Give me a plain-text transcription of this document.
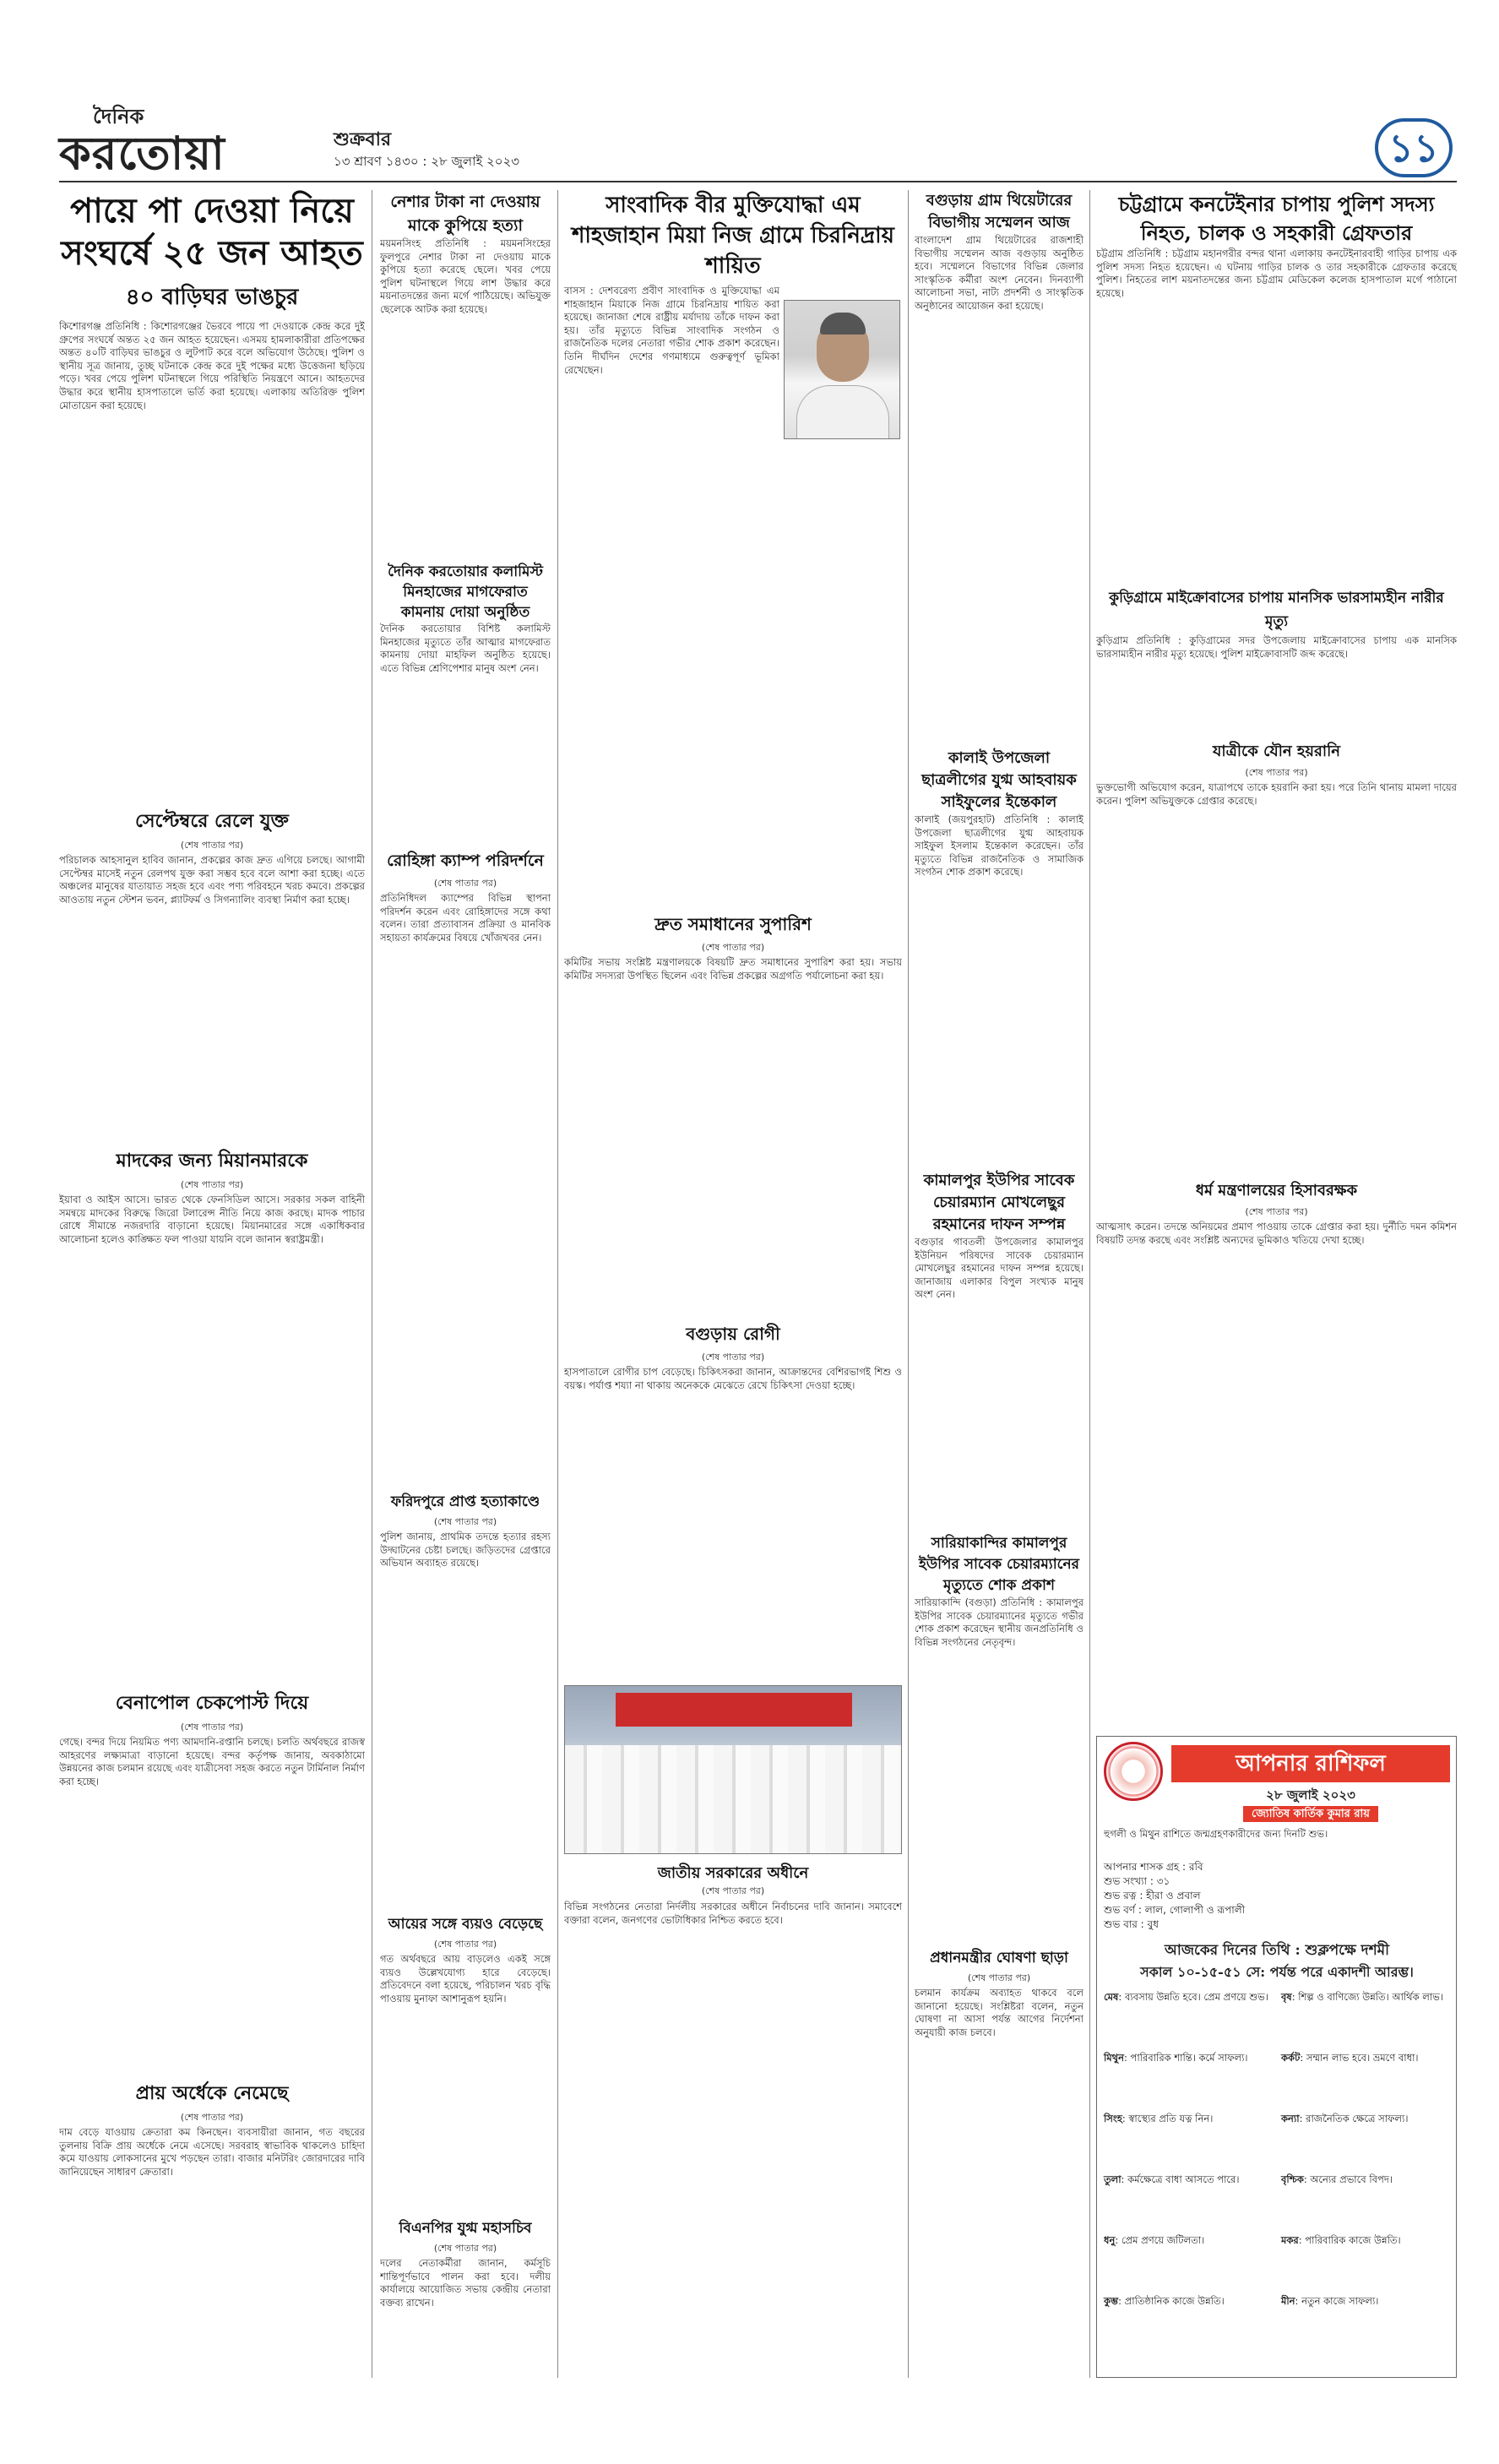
দৈনিক
করতোয়া	শুক্রবার
১৩ শ্রাবণ ১৪৩০ : ২৮ জুলাই ২০২৩	১১
পায়ে পা দেওয়া নিয়ে সংঘর্ষে ২৫ জন আহত
৪০ বাড়িঘর ভাঙচুর
কিশোরগঞ্জ প্রতিনিধি : কিশোরগঞ্জের ভৈরবে পায়ে পা দেওয়াকে কেন্দ্র করে দুই গ্রুপের সংঘর্ষে অন্তত ২৫ জন আহত হয়েছেন। এসময় হামলাকারীরা প্রতিপক্ষের অন্তত ৪০টি বাড়িঘর ভাঙচুর ও লুটপাট করে বলে অভিযোগ উঠেছে। পুলিশ ও স্থানীয় সূত্র জানায়, তুচ্ছ ঘটনাকে কেন্দ্র করে দুই পক্ষের মধ্যে উত্তেজনা ছড়িয়ে পড়ে। খবর পেয়ে পুলিশ ঘটনাস্থলে গিয়ে পরিস্থিতি নিয়ন্ত্রণে আনে। আহতদের উদ্ধার করে স্থানীয় হাসপাতালে ভর্তি করা হয়েছে। এলাকায় অতিরিক্ত পুলিশ মোতায়েন করা হয়েছে।
সেপ্টেম্বরে রেলে যুক্ত
(শেষ পাতার পর)
পরিচালক আহসানুল হাবিব জানান, প্রকল্পের কাজ দ্রুত এগিয়ে চলছে। আগামী সেপ্টেম্বর মাসেই নতুন রেলপথ যুক্ত করা সম্ভব হবে বলে আশা করা হচ্ছে। এতে অঞ্চলের মানুষের যাতায়াত সহজ হবে এবং পণ্য পরিবহনে খরচ কমবে। প্রকল্পের আওতায় নতুন স্টেশন ভবন, প্ল্যাটফর্ম ও সিগন্যালিং ব্যবস্থা নির্মাণ করা হচ্ছে।
মাদকের জন্য মিয়ানমারকে
(শেষ পাতার পর)
ইয়াবা ও আইস আসে। ভারত থেকে ফেনসিডিল আসে। সরকার সকল বাহিনী সমন্বয়ে মাদকের বিরুদ্ধে জিরো টলারেন্স নীতি নিয়ে কাজ করছে। মাদক পাচার রোধে সীমান্তে নজরদারি বাড়ানো হয়েছে। মিয়ানমারের সঙ্গে একাধিকবার আলোচনা হলেও কাঙ্ক্ষিত ফল পাওয়া যায়নি বলে জানান স্বরাষ্ট্রমন্ত্রী।
বেনাপোল চেকপোস্ট দিয়ে
(শেষ পাতার পর)
গেছে। বন্দর দিয়ে নিয়মিত পণ্য আমদানি-রপ্তানি চলছে। চলতি অর্থবছরে রাজস্ব আহরণের লক্ষ্যমাত্রা বাড়ানো হয়েছে। বন্দর কর্তৃপক্ষ জানায়, অবকাঠামো উন্নয়নের কাজ চলমান রয়েছে এবং যাত্রীসেবা সহজ করতে নতুন টার্মিনাল নির্মাণ করা হচ্ছে।
প্রায় অর্ধেকে নেমেছে
(শেষ পাতার পর)
দাম বেড়ে যাওয়ায় ক্রেতারা কম কিনছেন। ব্যবসায়ীরা জানান, গত বছরের তুলনায় বিক্রি প্রায় অর্ধেকে নেমে এসেছে। সরবরাহ স্বাভাবিক থাকলেও চাহিদা কমে যাওয়ায় লোকসানের মুখে পড়ছেন তারা। বাজার মনিটরিং জোরদারের দাবি জানিয়েছেন সাধারণ ক্রেতারা।
নেশার টাকা না দেওয়ায় মাকে কুপিয়ে হত্যা
ময়মনসিংহ প্রতিনিধি : ময়মনসিংহের ফুলপুরে নেশার টাকা না দেওয়ায় মাকে কুপিয়ে হত্যা করেছে ছেলে। খবর পেয়ে পুলিশ ঘটনাস্থলে গিয়ে লাশ উদ্ধার করে ময়নাতদন্তের জন্য মর্গে পাঠিয়েছে। অভিযুক্ত ছেলেকে আটক করা হয়েছে।
দৈনিক করতোয়ার কলামিস্ট মিনহাজের মাগফেরাত কামনায় দোয়া অনুষ্ঠিত
দৈনিক করতোয়ার বিশিষ্ট কলামিস্ট মিনহাজের মৃত্যুতে তাঁর আত্মার মাগফেরাত কামনায় দোয়া মাহফিল অনুষ্ঠিত হয়েছে। এতে বিভিন্ন শ্রেণিপেশার মানুষ অংশ নেন।
রোহিঙ্গা ক্যাম্প পরিদর্শনে
(শেষ পাতার পর)
প্রতিনিধিদল ক্যাম্পের বিভিন্ন স্থাপনা পরিদর্শন করেন এবং রোহিঙ্গাদের সঙ্গে কথা বলেন। তারা প্রত্যাবাসন প্রক্রিয়া ও মানবিক সহায়তা কার্যক্রমের বিষয়ে খোঁজখবর নেন।
ফরিদপুরে প্রাপ্ত হত্যাকাণ্ডে
(শেষ পাতার পর)
পুলিশ জানায়, প্রাথমিক তদন্তে হত্যার রহস্য উদ্ঘাটনের চেষ্টা চলছে। জড়িতদের গ্রেপ্তারে অভিযান অব্যাহত রয়েছে।
আয়ের সঙ্গে ব্যয়ও বেড়েছে
(শেষ পাতার পর)
গত অর্থবছরে আয় বাড়লেও একই সঙ্গে ব্যয়ও উল্লেখযোগ্য হারে বেড়েছে। প্রতিবেদনে বলা হয়েছে, পরিচালন খরচ বৃদ্ধি পাওয়ায় মুনাফা আশানুরূপ হয়নি।
বিএনপির যুগ্ম মহাসচিব
(শেষ পাতার পর)
দলের নেতাকর্মীরা জানান, কর্মসূচি শান্তিপূর্ণভাবে পালন করা হবে। দলীয় কার্যালয়ে আয়োজিত সভায় কেন্দ্রীয় নেতারা বক্তব্য রাখেন।
সাংবাদিক বীর মুক্তিযোদ্ধা এম শাহজাহান মিয়া নিজ গ্রামে চিরনিদ্রায় শায়িত
বাসস : দেশবরেণ্য প্রবীণ সাংবাদিক ও মুক্তিযোদ্ধা এম শাহজাহান মিয়াকে নিজ গ্রামে চিরনিদ্রায় শায়িত করা হয়েছে। জানাজা শেষে রাষ্ট্রীয় মর্যাদায় তাঁকে দাফন করা হয়। তাঁর মৃত্যুতে বিভিন্ন সাংবাদিক সংগঠন ও রাজনৈতিক দলের নেতারা গভীর শোক প্রকাশ করেছেন। তিনি দীর্ঘদিন দেশের গণমাধ্যমে গুরুত্বপূর্ণ ভূমিকা রেখেছেন।
দ্রুত সমাধানের সুপারিশ
(শেষ পাতার পর)
কমিটির সভায় সংশ্লিষ্ট মন্ত্রণালয়কে বিষয়টি দ্রুত সমাধানের সুপারিশ করা হয়। সভায় কমিটির সদস্যরা উপস্থিত ছিলেন এবং বিভিন্ন প্রকল্পের অগ্রগতি পর্যালোচনা করা হয়।
বগুড়ায় রোগী
(শেষ পাতার পর)
হাসপাতালে রোগীর চাপ বেড়েছে। চিকিৎসকরা জানান, আক্রান্তদের বেশিরভাগই শিশু ও বয়স্ক। পর্যাপ্ত শয্যা না থাকায় অনেককে মেঝেতে রেখে চিকিৎসা দেওয়া হচ্ছে।
জাতীয় সরকারের অধীনে
(শেষ পাতার পর)
বিভিন্ন সংগঠনের নেতারা নির্দলীয় সরকারের অধীনে নির্বাচনের দাবি জানান। সমাবেশে বক্তারা বলেন, জনগণের ভোটাধিকার নিশ্চিত করতে হবে।
বগুড়ায় গ্রাম থিয়েটারের বিভাগীয় সম্মেলন আজ
বাংলাদেশ গ্রাম থিয়েটারের রাজশাহী বিভাগীয় সম্মেলন আজ বগুড়ায় অনুষ্ঠিত হবে। সম্মেলনে বিভাগের বিভিন্ন জেলার সাংস্কৃতিক কর্মীরা অংশ নেবেন। দিনব্যাপী আলোচনা সভা, নাট্য প্রদর্শনী ও সাংস্কৃতিক অনুষ্ঠানের আয়োজন করা হয়েছে।
কালাই উপজেলা ছাত্রলীগের যুগ্ম আহবায়ক সাইফুলের ইন্তেকাল
কালাই (জয়পুরহাট) প্রতিনিধি : কালাই উপজেলা ছাত্রলীগের যুগ্ম আহবায়ক সাইফুল ইসলাম ইন্তেকাল করেছেন। তাঁর মৃত্যুতে বিভিন্ন রাজনৈতিক ও সামাজিক সংগঠন শোক প্রকাশ করেছে।
কামালপুর ইউপির সাবেক চেয়ারম্যান মোখলেছুর রহমানের দাফন সম্পন্ন
বগুড়ার গাবতলী উপজেলার কামালপুর ইউনিয়ন পরিষদের সাবেক চেয়ারম্যান মোখলেছুর রহমানের দাফন সম্পন্ন হয়েছে। জানাজায় এলাকার বিপুল সংখ্যক মানুষ অংশ নেন।
সারিয়াকান্দির কামালপুর ইউপির সাবেক চেয়ারম্যানের মৃত্যুতে শোক প্রকাশ
সারিয়াকান্দি (বগুড়া) প্রতিনিধি : কামালপুর ইউপির সাবেক চেয়ারম্যানের মৃত্যুতে গভীর শোক প্রকাশ করেছেন স্থানীয় জনপ্রতিনিধি ও বিভিন্ন সংগঠনের নেতৃবৃন্দ।
প্রধানমন্ত্রীর ঘোষণা ছাড়া
(শেষ পাতার পর)
চলমান কার্যক্রম অব্যাহত থাকবে বলে জানানো হয়েছে। সংশ্লিষ্টরা বলেন, নতুন ঘোষণা না আসা পর্যন্ত আগের নির্দেশনা অনুযায়ী কাজ চলবে।
চট্টগ্রামে কনটেইনার চাপায় পুলিশ সদস্য নিহত, চালক ও সহকারী গ্রেফতার
চট্টগ্রাম প্রতিনিধি : চট্টগ্রাম মহানগরীর বন্দর থানা এলাকায় কনটেইনারবাহী গাড়ির চাপায় এক পুলিশ সদস্য নিহত হয়েছেন। এ ঘটনায় গাড়ির চালক ও তার সহকারীকে গ্রেফতার করেছে পুলিশ। নিহতের লাশ ময়নাতদন্তের জন্য চট্টগ্রাম মেডিকেল কলেজ হাসপাতাল মর্গে পাঠানো হয়েছে।
কুড়িগ্রামে মাইক্রোবাসের চাপায় মানসিক ভারসাম্যহীন নারীর মৃত্যু
কুড়িগ্রাম প্রতিনিধি : কুড়িগ্রামের সদর উপজেলায় মাইক্রোবাসের চাপায় এক মানসিক ভারসাম্যহীন নারীর মৃত্যু হয়েছে। পুলিশ মাইক্রোবাসটি জব্দ করেছে।
যাত্রীকে যৌন হয়রানি
(শেষ পাতার পর)
ভুক্তভোগী অভিযোগ করেন, যাত্রাপথে তাকে হয়রানি করা হয়। পরে তিনি থানায় মামলা দায়ের করেন। পুলিশ অভিযুক্তকে গ্রেপ্তার করেছে।
ধর্ম মন্ত্রণালয়ের হিসাবরক্ষক
(শেষ পাতার পর)
আত্মসাৎ করেন। তদন্তে অনিয়মের প্রমাণ পাওয়ায় তাকে গ্রেপ্তার করা হয়। দুর্নীতি দমন কমিশন বিষয়টি তদন্ত করছে এবং সংশ্লিষ্ট অন্যদের ভূমিকাও খতিয়ে দেখা হচ্ছে।
আপনার রাশিফল
২৮ জুলাই ২০২৩
জ্যোতিষ কার্তিক কুমার রায়
হুগলী ও মিথুন রাশিতে জন্মগ্রহণকারীদের জন্য দিনটি শুভ।
আপনার শাসক গ্রহ : রবি
শুভ সংখ্যা : ৩১
শুভ রত্ন : হীরা ও প্রবাল
শুভ বর্ণ : লাল, গোলাপী ও রূপালী
শুভ বার : বুধ
আজকের দিনের তিথি : শুক্লপক্ষে দশমী
সকাল ১০-১৫-৫১ সে: পর্যন্ত পরে একাদশী আরম্ভ।
মেষ: ব্যবসায় উন্নতি হবে। প্রেম প্রণয়ে শুভ।	বৃষ: শিল্প ও বাণিজ্যে উন্নতি। আর্থিক লাভ।
মিথুন: পারিবারিক শান্তি। কর্মে সাফল্য।	কর্কট: সম্মান লাভ হবে। ভ্রমণে বাধা।
সিংহ: স্বাস্থ্যের প্রতি যত্ন নিন।	কন্যা: রাজনৈতিক ক্ষেত্রে সাফল্য।
তুলা: কর্মক্ষেত্রে বাধা আসতে পারে।	বৃশ্চিক: অন্যের প্রভাবে বিপদ।
ধনু: প্রেম প্রণয়ে জটিলতা।	মকর: পারিবারিক কাজে উন্নতি।
কুম্ভ: প্রাতিষ্ঠানিক কাজে উন্নতি।	মীন: নতুন কাজে সাফল্য।
